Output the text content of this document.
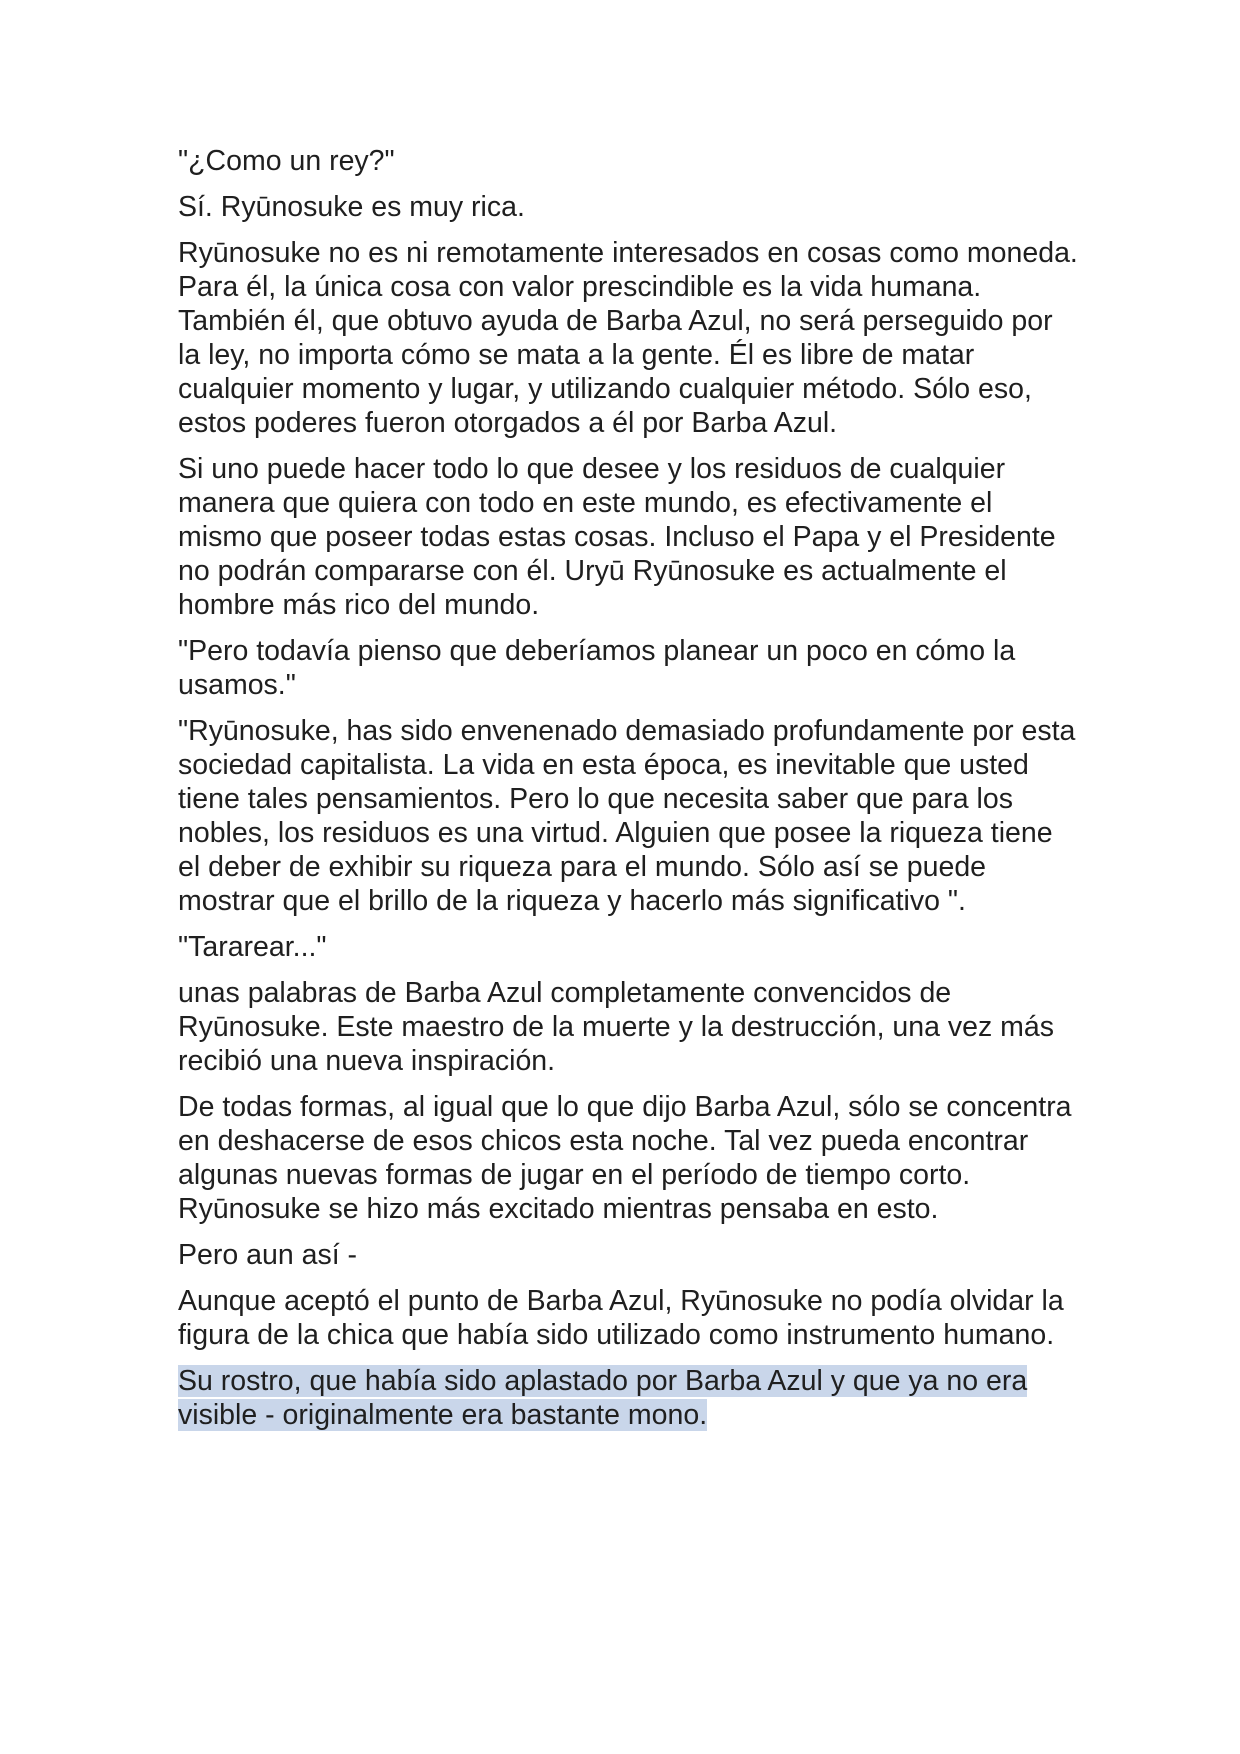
"¿Como un rey?"

Sí. Ryūnosuke es muy rica.

Ryūnosuke no es ni remotamente interesados en cosas como moneda. Para él, la única cosa con valor prescindible es la vida humana. También él, que obtuvo ayuda de Barba Azul, no será perseguido por la ley, no importa cómo se mata a la gente. Él es libre de matar cualquier momento y lugar, y utilizando cualquier método. Sólo eso, estos poderes fueron otorgados a él por Barba Azul.

Si uno puede hacer todo lo que desee y los residuos de cualquier manera que quiera con todo en este mundo, es efectivamente el mismo que poseer todas estas cosas. Incluso el Papa y el Presidente no podrán compararse con él. Uryū Ryūnosuke es actualmente el hombre más rico del mundo.

"Pero todavía pienso que deberíamos planear un poco en cómo la usamos."

"Ryūnosuke, has sido envenenado demasiado profundamente por esta sociedad capitalista. La vida en esta época, es inevitable que usted tiene tales pensamientos. Pero lo que necesita saber que para los nobles, los residuos es una virtud. Alguien que posee la riqueza tiene el deber de exhibir su riqueza para el mundo. Sólo así se puede mostrar que el brillo de la riqueza y hacerlo más significativo ".

"Tararear..."

unas palabras de Barba Azul completamente convencidos de Ryūnosuke. Este maestro de la muerte y la destrucción, una vez más recibió una nueva inspiración.

De todas formas, al igual que lo que dijo Barba Azul, sólo se concentra en deshacerse de esos chicos esta noche. Tal vez pueda encontrar algunas nuevas formas de jugar en el período de tiempo corto. Ryūnosuke se hizo más excitado mientras pensaba en esto.

Pero aun así -

Aunque aceptó el punto de Barba Azul, Ryūnosuke no podía olvidar la figura de la chica que había sido utilizado como instrumento humano.

Su rostro, que había sido aplastado por Barba Azul y que ya no era visible - originalmente era bastante mono.
